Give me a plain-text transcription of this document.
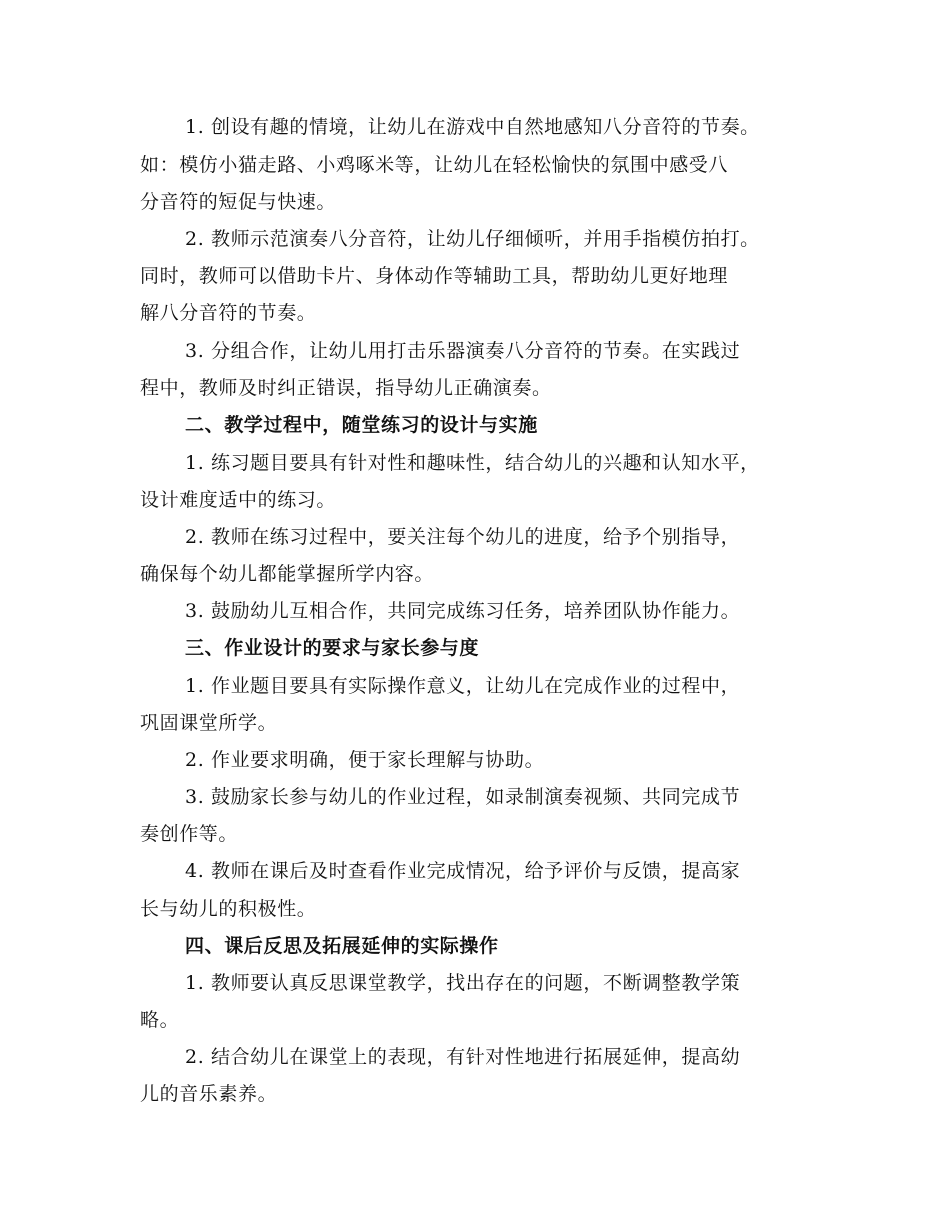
1. 创设有趣的情境，让幼儿在游戏中自然地感知八分音符的节奏。
如：模仿小猫走路、小鸡啄米等，让幼儿在轻松愉快的氛围中感受八
分音符的短促与快速。
2. 教师示范演奏八分音符，让幼儿仔细倾听，并用手指模仿拍打。
同时，教师可以借助卡片、身体动作等辅助工具，帮助幼儿更好地理
解八分音符的节奏。
3. 分组合作，让幼儿用打击乐器演奏八分音符的节奏。在实践过
程中，教师及时纠正错误，指导幼儿正确演奏。
二、教学过程中，随堂练习的设计与实施
1. 练习题目要具有针对性和趣味性，结合幼儿的兴趣和认知水平，
设计难度适中的练习。
2. 教师在练习过程中，要关注每个幼儿的进度，给予个别指导，
确保每个幼儿都能掌握所学内容。
3. 鼓励幼儿互相合作，共同完成练习任务，培养团队协作能力。
三、作业设计的要求与家长参与度
1. 作业题目要具有实际操作意义，让幼儿在完成作业的过程中，
巩固课堂所学。
2. 作业要求明确，便于家长理解与协助。
3. 鼓励家长参与幼儿的作业过程，如录制演奏视频、共同完成节
奏创作等。
4. 教师在课后及时查看作业完成情况，给予评价与反馈，提高家
长与幼儿的积极性。
四、课后反思及拓展延伸的实际操作
1. 教师要认真反思课堂教学，找出存在的问题，不断调整教学策
略。
2. 结合幼儿在课堂上的表现，有针对性地进行拓展延伸，提高幼
儿的音乐素养。
